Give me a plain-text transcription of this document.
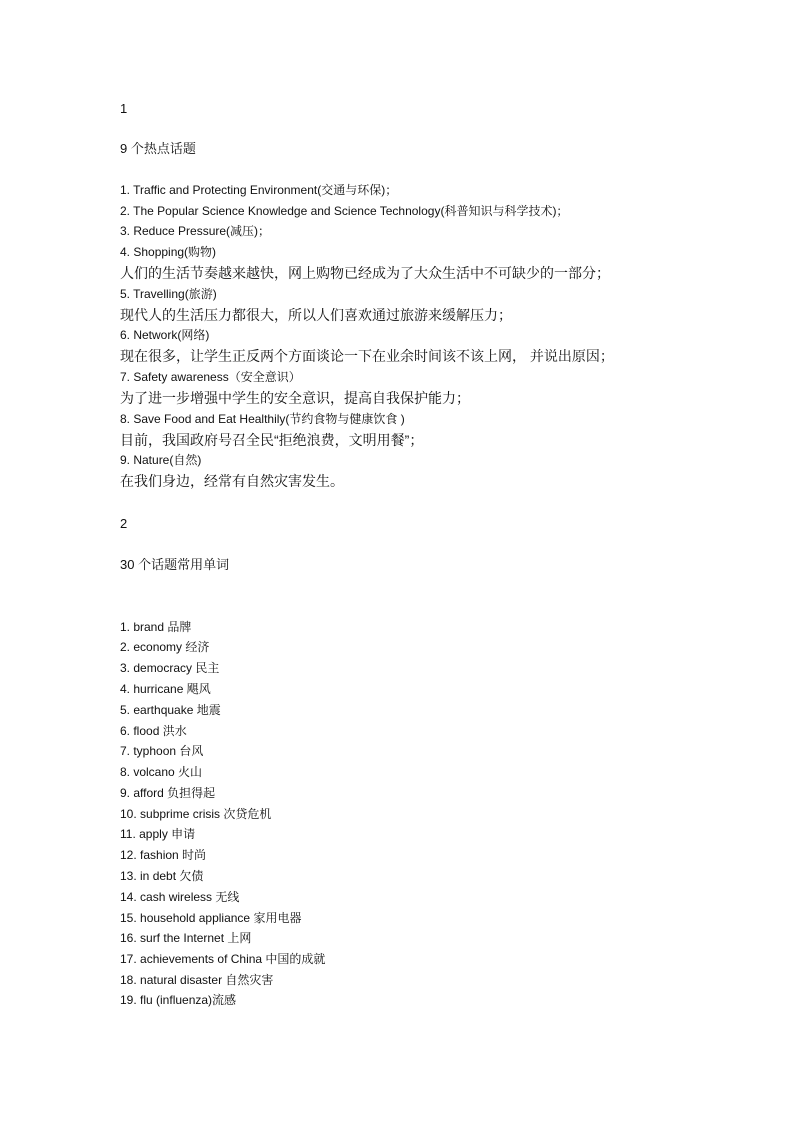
1
9 个热点话题
1. Traffic and Protecting Environment(交通与环保)；
2. The Popular Science Knowledge and Science Technology(科普知识与科学技术)；
3. Reduce Pressure(减压)；
4. Shopping(购物)
人们的生活节奏越来越快，网上购物已经成为了大众生活中不可缺少的一部分；
5. Travelling(旅游)
现代人的生活压力都很大，所以人们喜欢通过旅游来缓解压力；
6. Network(网络)
现在很多，让学生正反两个方面谈论一下在业余时间该不该上网， 并说出原因；
7. Safety awareness（安全意识）
为了进一步增强中学生的安全意识，提高自我保护能力；
8. Save Food and Eat Healthily(节约食物与健康饮食 )
目前，我国政府号召全民“拒绝浪费，文明用餐”；
9. Nature(自然)
在我们身边，经常有自然灾害发生。
2
30 个话题常用单词
1. brand 品牌
2. economy 经济
3. democracy 民主
4. hurricane 飓风
5. earthquake 地震
6. flood 洪水
7. typhoon 台风
8. volcano 火山
9. afford 负担得起
10. subprime crisis 次贷危机
11. apply 申请
12. fashion 时尚
13. in debt 欠债
14. cash wireless 无线
15. household appliance 家用电器
16. surf the Internet 上网
17. achievements of China 中国的成就
18. natural disaster 自然灾害
19. flu (influenza)流感
